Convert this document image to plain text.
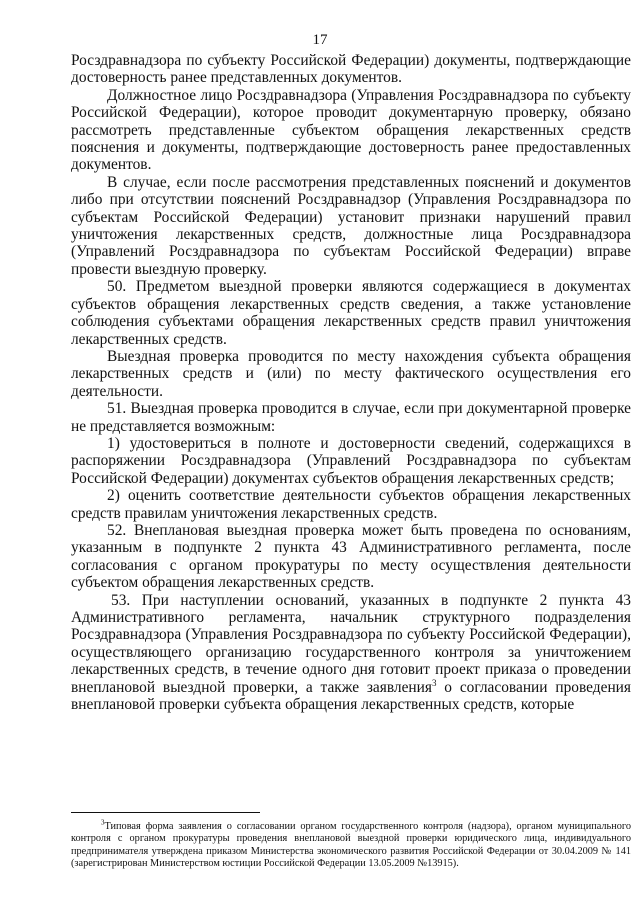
17

Росздравнадзора по субъекту Российской Федерации) документы, подтверждающие достоверность ранее представленных документов.

Должностное лицо Росздравнадзора (Управления Росздравнадзора по субъекту Российской Федерации), которое проводит документарную проверку, обязано рассмотреть представленные субъектом обращения лекарственных средств пояснения и документы, подтверждающие достоверность ранее предоставленных документов.

В случае, если после рассмотрения представленных пояснений и документов либо при отсутствии пояснений Росздравнадзор (Управления Росздравнадзора по субъектам Российской Федерации) установит признаки нарушений правил уничтожения лекарственных средств, должностные лица Росздравнадзора (Управлений Росздравнадзора по субъектам Российской Федерации) вправе провести выездную проверку.

50. Предметом выездной проверки являются содержащиеся в документах субъектов обращения лекарственных средств сведения, а также установление соблюдения субъектами обращения лекарственных средств правил уничтожения лекарственных средств.

Выездная проверка проводится по месту нахождения субъекта обращения лекарственных средств и (или) по месту фактического осуществления его деятельности.

51. Выездная проверка проводится в случае, если при документарной проверке не представляется возможным:

1) удостовериться в полноте и достоверности сведений, содержащихся в распоряжении Росздравнадзора (Управлений Росздравнадзора по субъектам Российской Федерации) документах субъектов обращения лекарственных средств;

2) оценить соответствие деятельности субъектов обращения лекарственных средств правилам уничтожения лекарственных средств.

52. Внеплановая выездная проверка может быть проведена по основаниям, указанным в подпункте 2 пункта 43 Административного регламента, после согласования с органом прокуратуры по месту осуществления деятельности субъектом обращения лекарственных средств.

53. При наступлении оснований, указанных в подпункте 2 пункта 43 Административного регламента, начальник структурного подразделения Росздравнадзора (Управления Росздравнадзора по субъекту Российской Федерации), осуществляющего организацию государственного контроля за уничтожением лекарственных средств, в течение одного дня готовит проект приказа о проведении внеплановой выездной проверки, а также заявления$^3$ о согласовании проведения внеплановой проверки субъекта обращения лекарственных средств, которые

$^3$Типовая форма заявления о согласовании органом государственного контроля (надзора), органом муниципального контроля с органом прокуратуры проведения внеплановой выездной проверки юридического лица, индивидуального предпринимателя утверждена приказом Министерства экономического развития Российской Федерации от 30.04.2009 № 141 (зарегистрирован Министерством юстиции Российской Федерации 13.05.2009 №13915).
